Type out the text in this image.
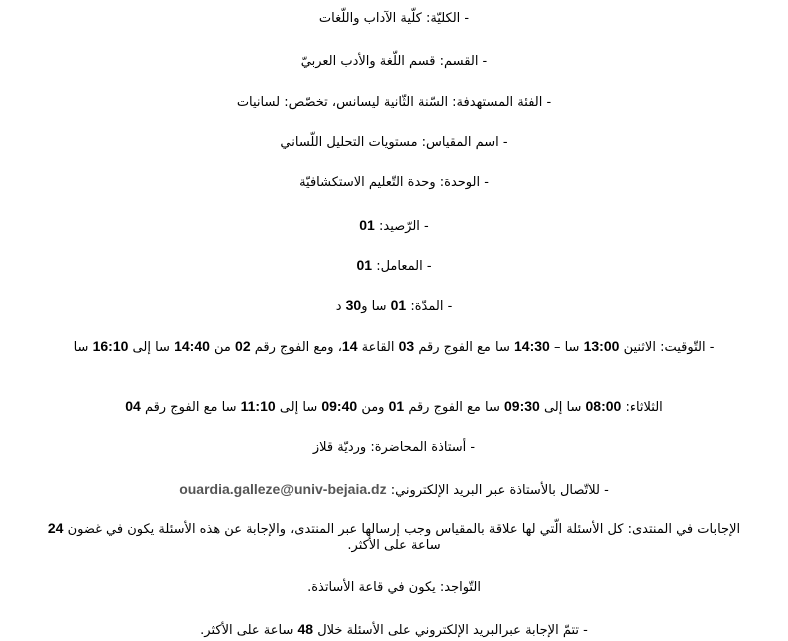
- الكليّة: كلّية الآداب واللّغات
- القسم: قسم اللّغة والأدب العربيّ
- الفئة المستهدفة: السّنة الثّانية ليسانس، تخصّص: لسانيات
- اسم المقياس: مستويات التحليل اللّساني
- الوحدة: وحدة التّعليم الاستكشافيّة
- الرّصيد: 01
- المعامل: 01
- المدّة: 01 سا و30 د
- التّوقيت: الاثنين 13:00 سا – 14:30 سا مع الفوج رقم 03 القاعة 14، ومع الفوج رقم 02 من 14:40 سا إلى 16:10 سا
الثلاثاء: 08:00 سا إلى 09:30 سا مع الفوج رقم 01 ومن 09:40 سا إلى 11:10 سا مع الفوج رقم 04
- أستاذة المحاضرة: ورديّة قلاز
- للاتّصال بالأستاذة عبر البريد الإلكتروني: ouardia.galleze@univ-bejaia.dz
الإجابات في المنتدى: كل الأسئلة الّتي لها علاقة بالمقياس وجب إرسالها عبر المنتدى، والإجابة عن هذه الأسئلة يكون في غضون 24 ساعة على الأكثر.
التّواجد: يكون في قاعة الأساتذة.
- تتمّ الإجابة عبرالبريد الإلكتروني على الأسئلة خلال 48 ساعة على الأكثر.
